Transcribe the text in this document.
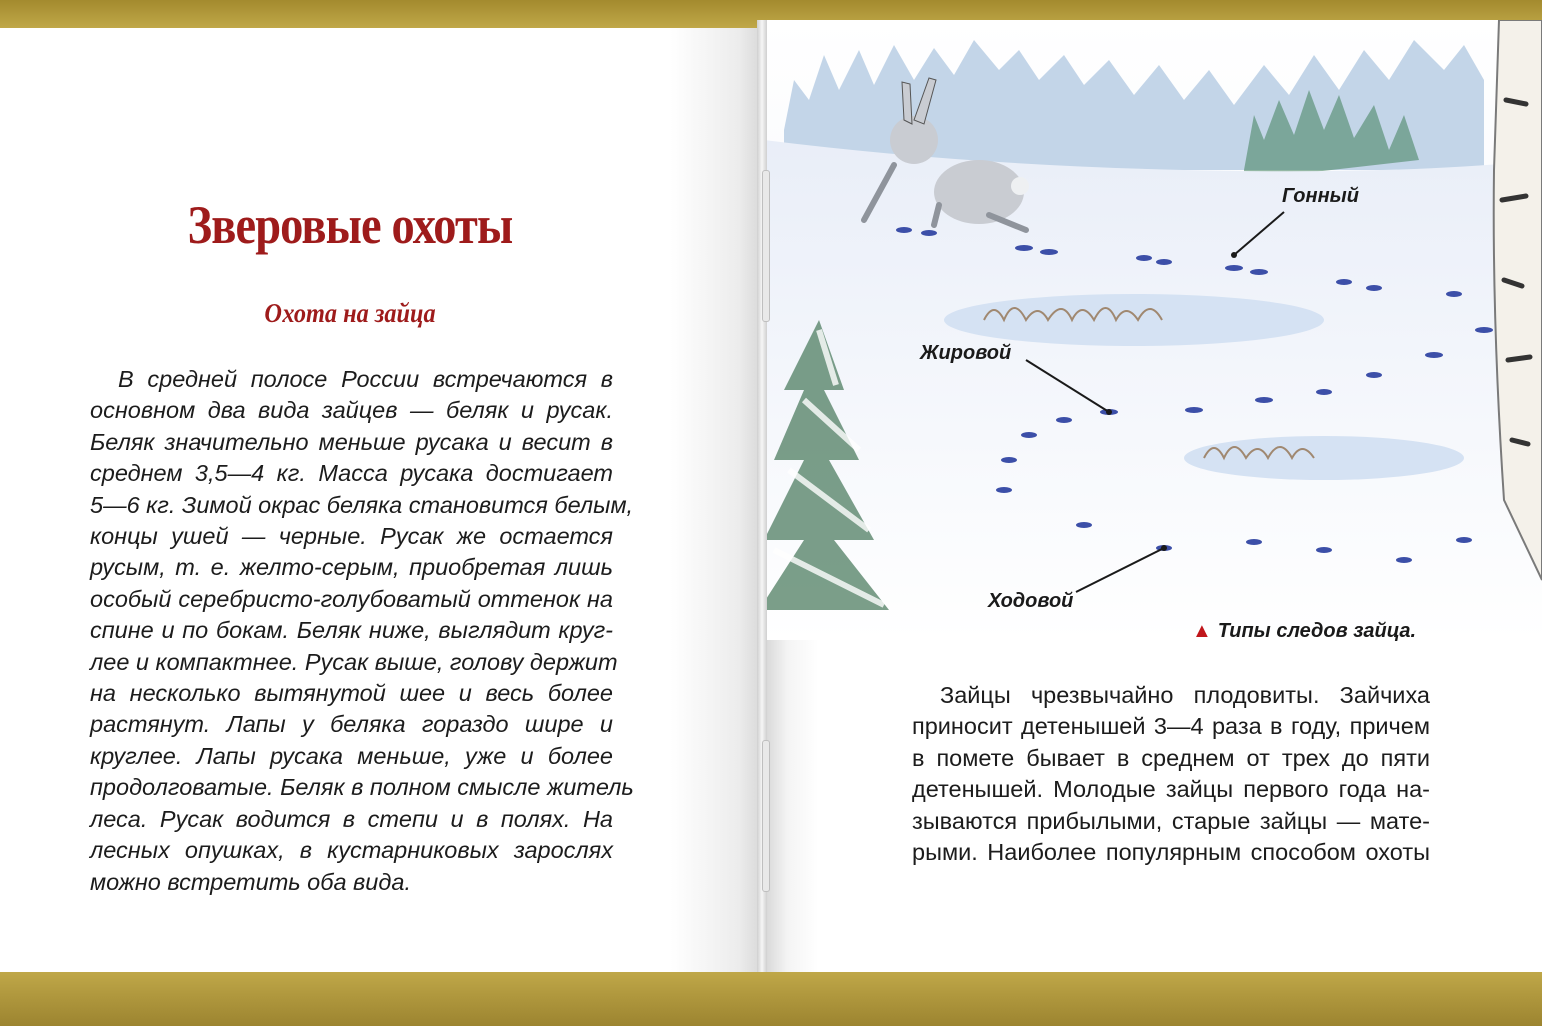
Зверовые охоты
Охота на зайца
В средней полосе России встречаются в
основном два вида зайцев — беляк и русак.
Беляк значительно меньше русака и весит в
среднем 3,5—4 кг. Масса русака достигает
5—6 кг. Зимой окрас беляка становится белым,
концы ушей — черные. Русак же остается
русым, т. е. желто-серым, приобретая лишь
особый серебристо-голубоватый оттенок на
спине и по бокам. Беляк ниже, выглядит круг-
лее и компактнее. Русак выше, голову держит
на несколько вытянутой шее и весь более
растянут. Лапы у беляка гораздо шире и
круглее. Лапы русака меньше, уже и более
продолговатые. Беляк в полном смысле житель
леса. Русак водится в степи и в полях. На
лесных опушках, в кустарниковых зарослях
можно встретить оба вида.
Гонный
Жировой
Ходовой
▲ Типы следов зайца.
Зайцы чрезвычайно плодовиты. Зайчиха
приносит детенышей 3—4 раза в году, причем
в помете бывает в среднем от трех до пяти
детенышей. Молодые зайцы первого года на-
зываются прибылыми, старые зайцы — мате-
рыми. Наиболее популярным способом охоты
